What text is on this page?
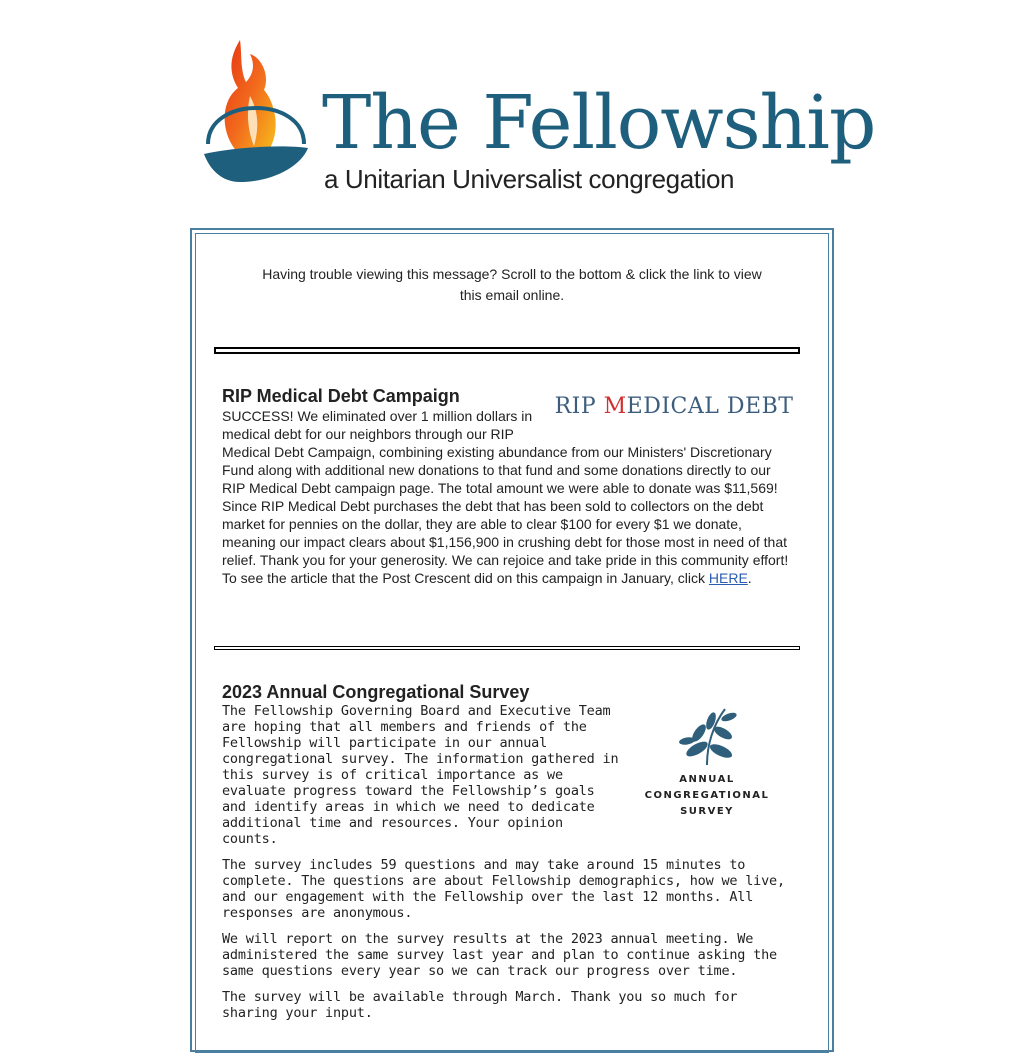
The Fellowship
a Unitarian Universalist congregation
Having trouble viewing this message? Scroll to the bottom & click the link to view this email online.
RIP MEDICAL DEBT
RIP Medical Debt Campaign

SUCCESS! We eliminated over 1 million dollars in medical debt for our neighbors through our RIP Medical Debt Campaign, combining existing abundance from our Ministers' Discretionary Fund along with additional new donations to that fund and some donations directly to our RIP Medical Debt campaign page. The total amount we were able to donate was $11,569! Since RIP Medical Debt purchases the debt that has been sold to collectors on the debt market for pennies on the dollar, they are able to clear $100 for every $1 we donate, meaning our impact clears about $1,156,900 in crushing debt for those most in need of that relief. Thank you for your generosity. We can rejoice and take pride in this community effort! To see the article that the Post Crescent did on this campaign in January, click HERE.

2023 Annual Congregational Survey
ANNUAL
CONGREGATIONAL
SURVEY

The Fellowship Governing Board and Executive Team are hoping that all members and friends of the Fellowship will participate in our annual congregational survey. The information gathered in this survey is of critical importance as we evaluate progress toward the Fellowship’s goals and identify areas in which we need to dedicate additional time and resources. Your opinion counts.

The survey includes 59 questions and may take around 15 minutes to complete. The questions are about Fellowship demographics, how we live, and our engagement with the Fellowship over the last 12 months. All responses are anonymous.

We will report on the survey results at the 2023 annual meeting. We administered the same survey last year and plan to continue asking the same questions every year so we can track our progress over time.

The survey will be available through March. Thank you so much for sharing your input.
